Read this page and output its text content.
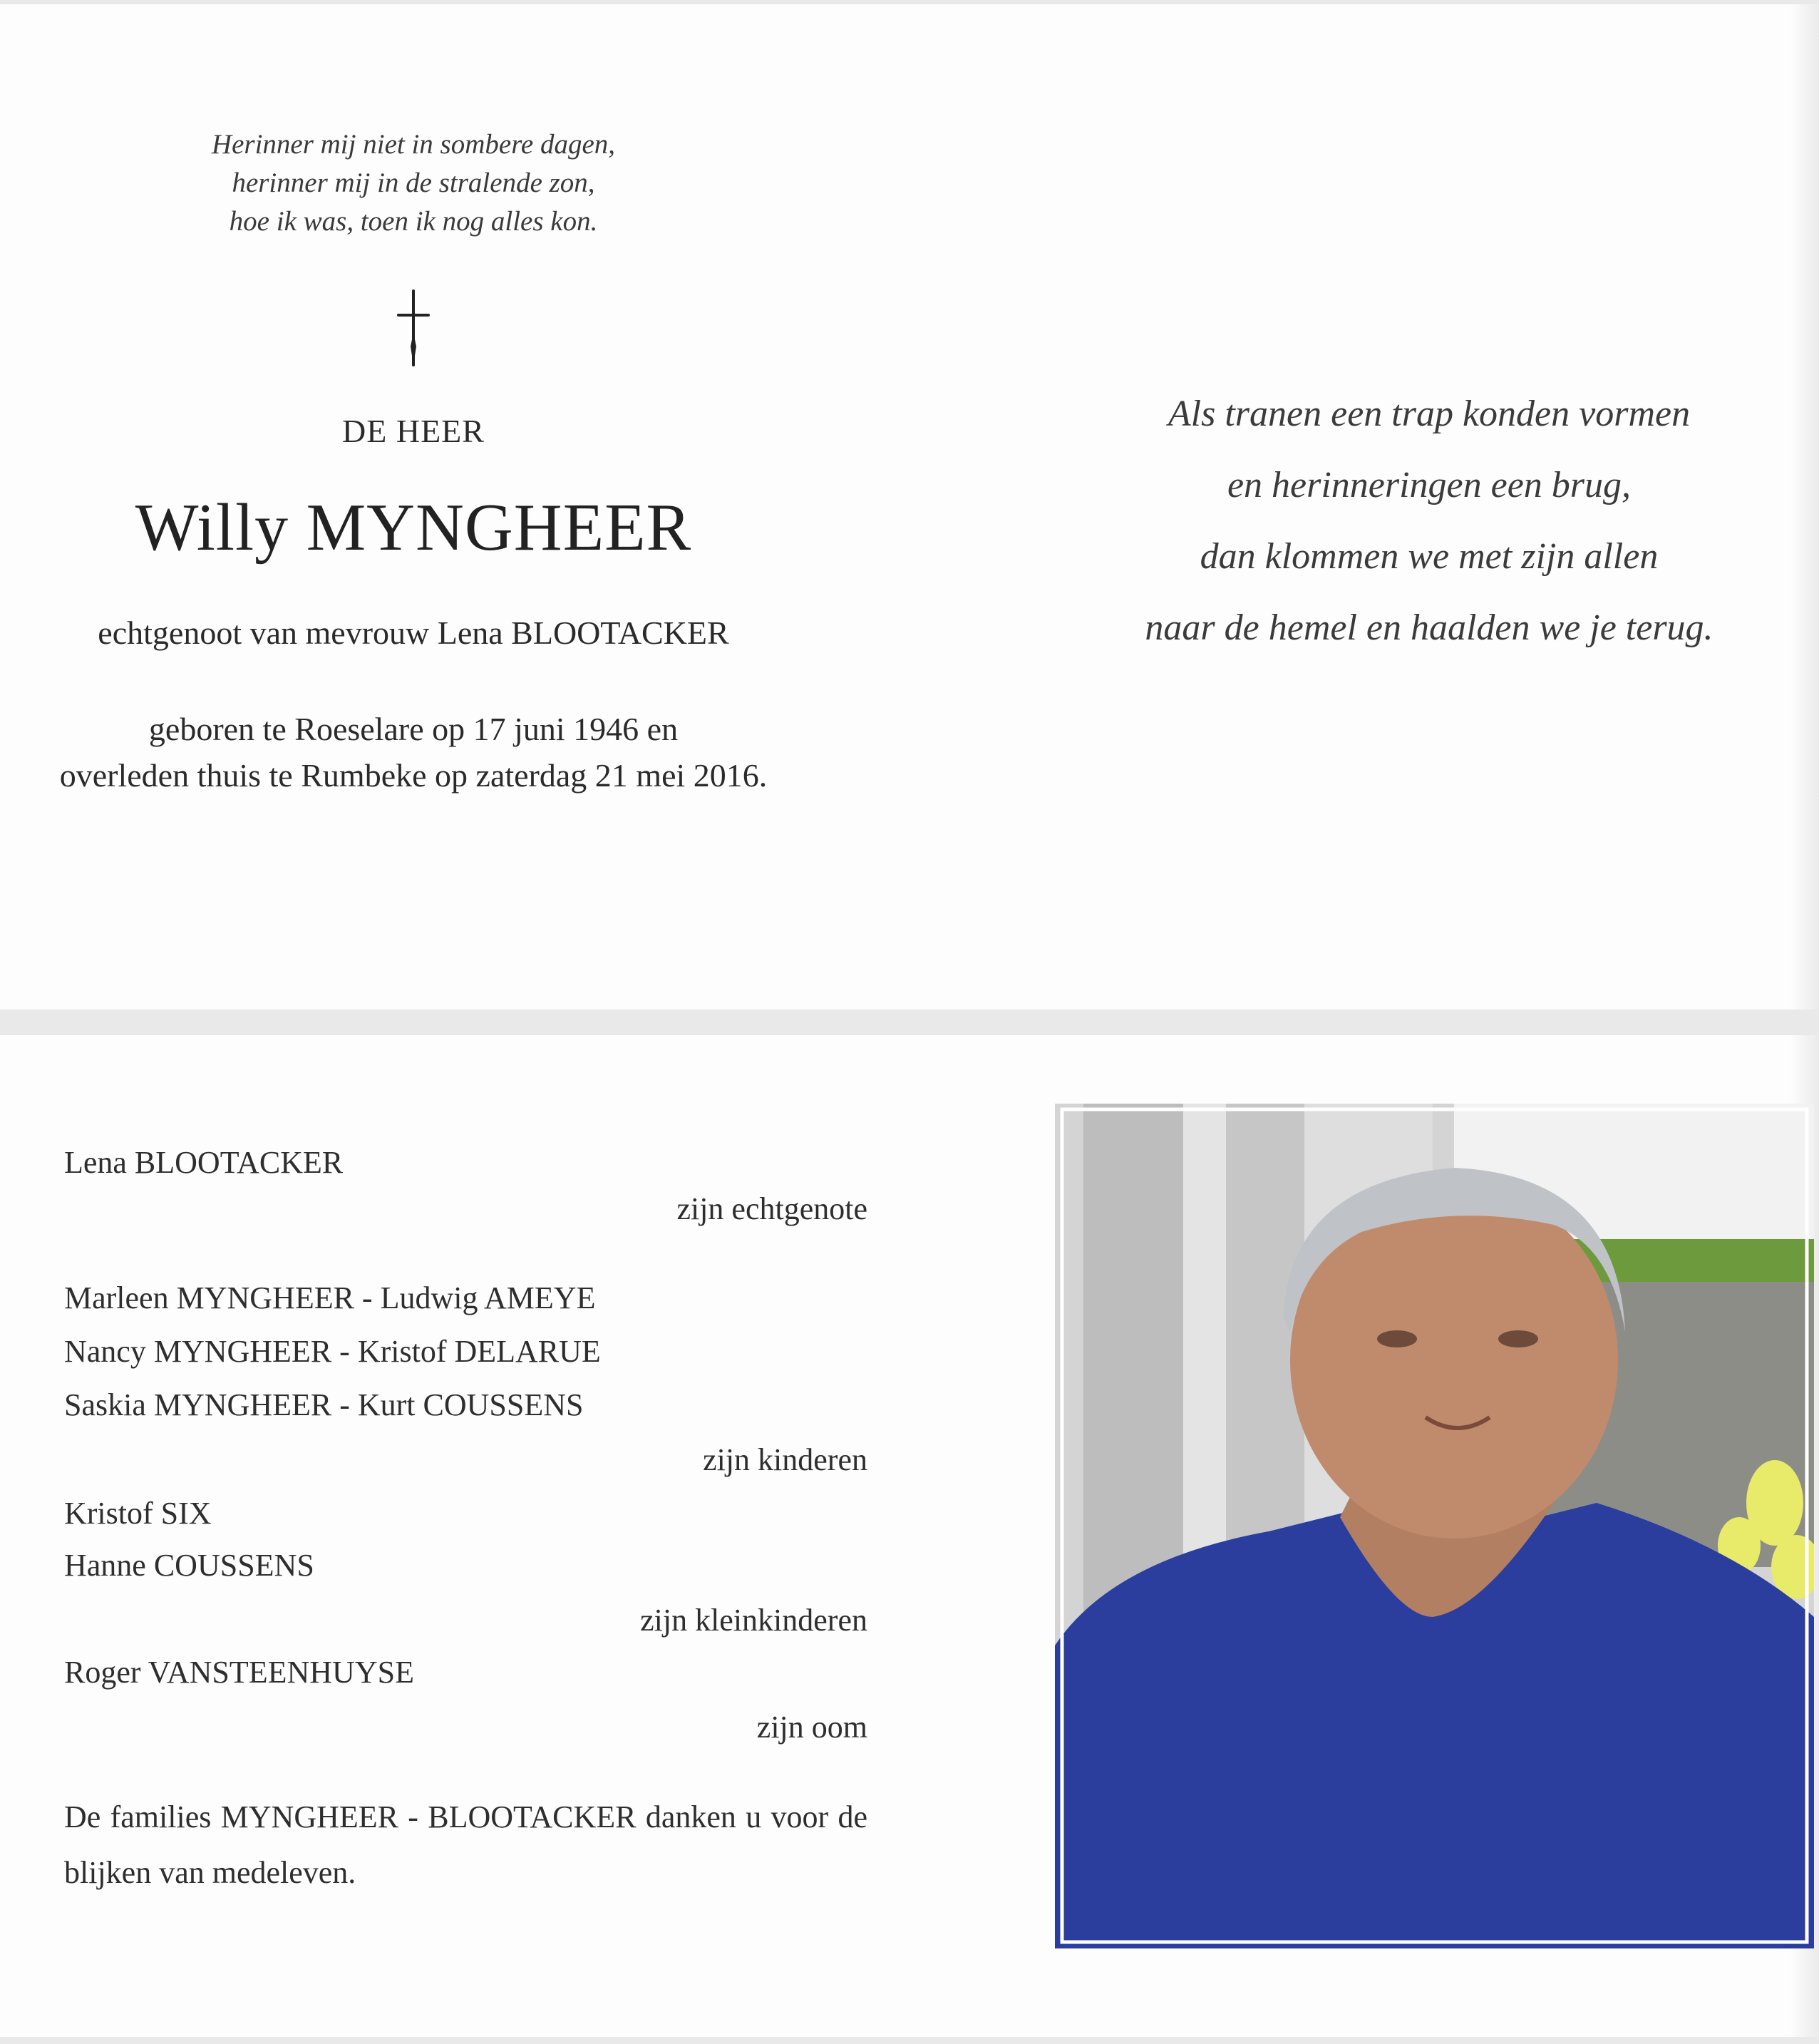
Herinner mij niet in sombere dagen,
herinner mij in de stralende zon,
hoe ik was, toen ik nog alles kon.
DE HEER
Willy MYNGHEER
echtgenoot van mevrouw Lena BLOOTACKER
geboren te Roeselare op 17 juni 1946 en
overleden thuis te Rumbeke op zaterdag 21 mei 2016.
Als tranen een trap konden vormen
en herinneringen een brug,
dan klommen we met zijn allen
naar de hemel en haalden we je terug.
Lena BLOOTACKER
zijn echtgenote
Marleen MYNGHEER - Ludwig AMEYE
Nancy MYNGHEER - Kristof DELARUE
Saskia MYNGHEER - Kurt COUSSENS
zijn kinderen
Kristof SIX
Hanne COUSSENS
zijn kleinkinderen
Roger VANSTEENHUYSE
zijn oom
De families MYNGHEER - BLOOTACKER danken u voor de blijken van medeleven.
